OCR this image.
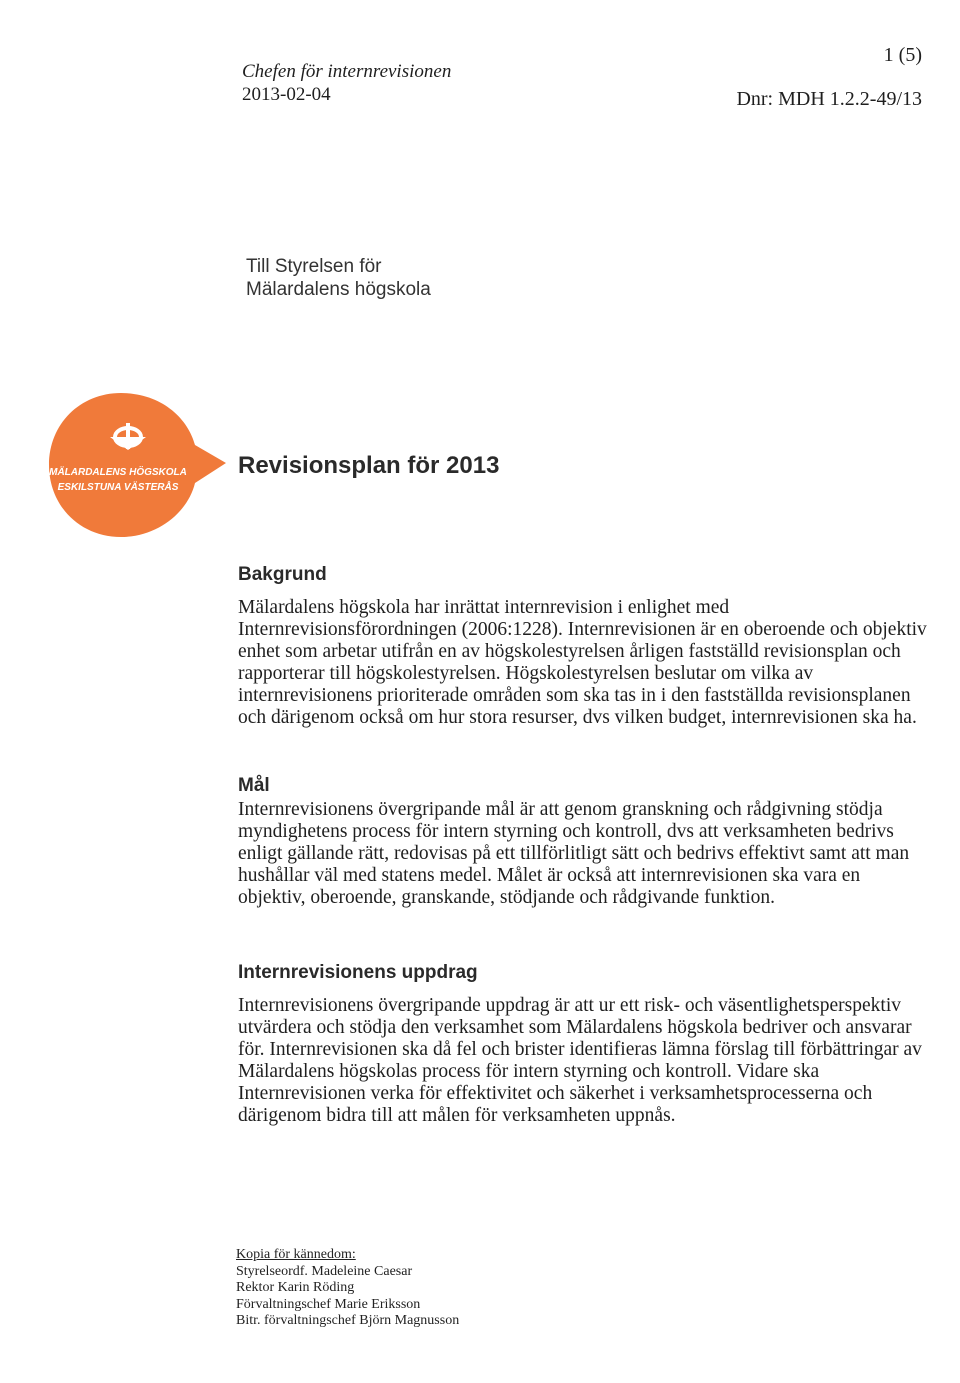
Chefen för internrevisionen
2013-02-04
1 (5)
Dnr: MDH 1.2.2-49/13
Till Styrelsen för
Mälardalens högskola
MÄLARDALENS HÖGSKOLA
ESKILSTUNA VÄSTERÅS
Revisionsplan för 2013
Bakgrund
Mälardalens högskola har inrättat internrevision i enlighet med Internrevisionsförordningen (2006:1228). Internrevisionen är en oberoende och objektiv enhet som arbetar utifrån en av högskolestyrelsen årligen fastställd revisionsplan och rapporterar till högskolestyrelsen. Högskolestyrelsen beslutar om vilka av internrevisionens prioriterade områden som ska tas in i den fastställda revisionsplanen och därigenom också om hur stora resurser, dvs vilken budget, internrevisionen ska ha.
Mål
Internrevisionens övergripande mål är att genom granskning och rådgivning stödja myndighetens process för intern styrning och kontroll, dvs att verksamheten bedrivs enligt gällande rätt, redovisas på ett tillförlitligt sätt och bedrivs effektivt samt att man hushållar väl med statens medel. Målet är också att internrevisionen ska vara en objektiv, oberoende, granskande, stödjande och rådgivande funktion.
Internrevisionens uppdrag
Internrevisionens övergripande uppdrag är att ur ett risk- och väsentlighetsperspektiv utvärdera och stödja den verksamhet som Mälardalens högskola bedriver och ansvarar för. Internrevisionen ska då fel och brister identifieras lämna förslag till förbättringar av Mälardalens högskolas process för intern styrning och kontroll. Vidare ska Internrevisionen verka för effektivitet och säkerhet i verksamhetsprocesserna och därigenom bidra till att målen för verksamheten uppnås.
Kopia för kännedom:
Styrelseordf. Madeleine Caesar
Rektor Karin Röding
Förvaltningschef Marie Eriksson
Bitr. förvaltningschef Björn Magnusson
